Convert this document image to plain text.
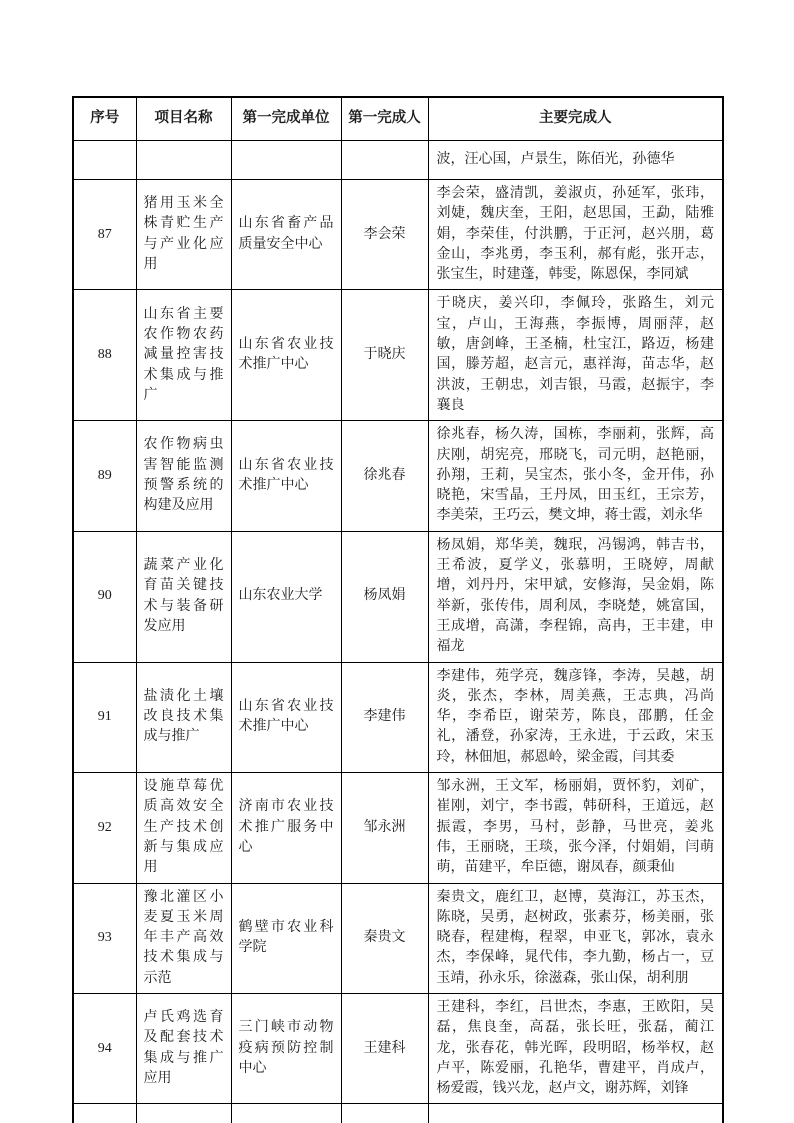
序号	项目名称	第一完成单位	第一完成人	主要完成人
				波，汪心国，卢景生，陈佰光，孙德华
87	猪用玉米全株青贮生产与产业化应用	山东省畜产品质量安全中心	李会荣	李会荣，盛清凯，姜淑贞，孙延军，张玮，刘婕，魏庆奎，王阳，赵思国，王勐，陆雅娟，李荣佳，付洪鹏，于正河，赵兴朋，葛金山，李兆勇，李玉利，郝有彪，张开志，张宝生，时建蓬，韩雯，陈恩保，李同斌
88	山东省主要农作物农药减量控害技术集成与推广	山东省农业技术推广中心	于晓庆	于晓庆，姜兴印，李佩玲，张路生，刘元宝，卢山，王海燕，李振博，周丽萍，赵敏，唐剑峰，王圣楠，杜宝江，路迈，杨建国，滕芳超，赵言元，惠祥海，苗志华，赵洪波，王朝忠，刘吉银，马霞，赵振宇，李襄良
89	农作物病虫害智能监测预警系统的构建及应用	山东省农业技术推广中心	徐兆春	徐兆春，杨久涛，国栋，李丽莉，张辉，高庆刚，胡宪亮，邢晓飞，司元明，赵艳丽，孙翔，王莉，吴宝杰，张小冬，金开伟，孙晓艳，宋雪晶，王丹凤，田玉红，王宗芳，李美荣，王巧云，樊文坤，蒋士霞，刘永华
90	蔬菜产业化育苗关键技术与装备研发应用	山东农业大学	杨凤娟	杨凤娟，郑华美，魏珉，冯锡鸿，韩吉书，王希波，夏学义，张慕明，王晓婷，周献增，刘丹丹，宋甲斌，安修海，吴金娟，陈举新，张传伟，周利凤，李晓楚，姚富国，王成增，高潇，李程锦，高冉，王丰建，申福龙
91	盐渍化土壤改良技术集成与推广	山东省农业技术推广中心	李建伟	李建伟，苑学亮，魏彦锋，李涛，吴越，胡炎，张杰，李林，周美燕，王志典，冯尚华，李希臣，谢荣芳，陈良，邵鹏，任金礼，潘登，孙家涛，王永进，于云政，宋玉玲，林佃旭，郝恩岭，梁金霞，闫其委
92	设施草莓优质高效安全生产技术创新与集成应用	济南市农业技术推广服务中心	邹永洲	邹永洲，王文军，杨丽娟，贾怀豹，刘矿，崔刚，刘宁，李书霞，韩研科，王道远，赵振霞，李男，马村，彭静，马世亮，姜兆伟，王丽晓，王琰，张今泽，付娟娟，闫萌萌，苗建平，牟臣德，谢凤春，颜秉仙
93	豫北灌区小麦夏玉米周年丰产高效技术集成与示范	鹤壁市农业科学院	秦贵文	秦贵文，鹿红卫，赵博，莫海江，苏玉杰，陈晓，吴勇，赵树政，张素芬，杨美丽，张晓春，程建梅，程翠，申亚飞，郭冰，袁永杰，李保峰，晁代伟，李九勤，杨占一，豆玉靖，孙永乐，徐滋森，张山保，胡利朋
94	卢氏鸡选育及配套技术集成与推广应用	三门峡市动物疫病预防控制中心	王建科	王建科，李红，吕世杰，李惠，王欧阳，吴磊，焦良奎，高磊，张长旺，张磊，蔺江龙，张春花，韩光晖，段明昭，杨举权，赵卢平，陈爱丽，孔艳华，曹建平，肖成卢，杨爱霞，钱兴龙，赵卢文，谢苏辉，刘锋
